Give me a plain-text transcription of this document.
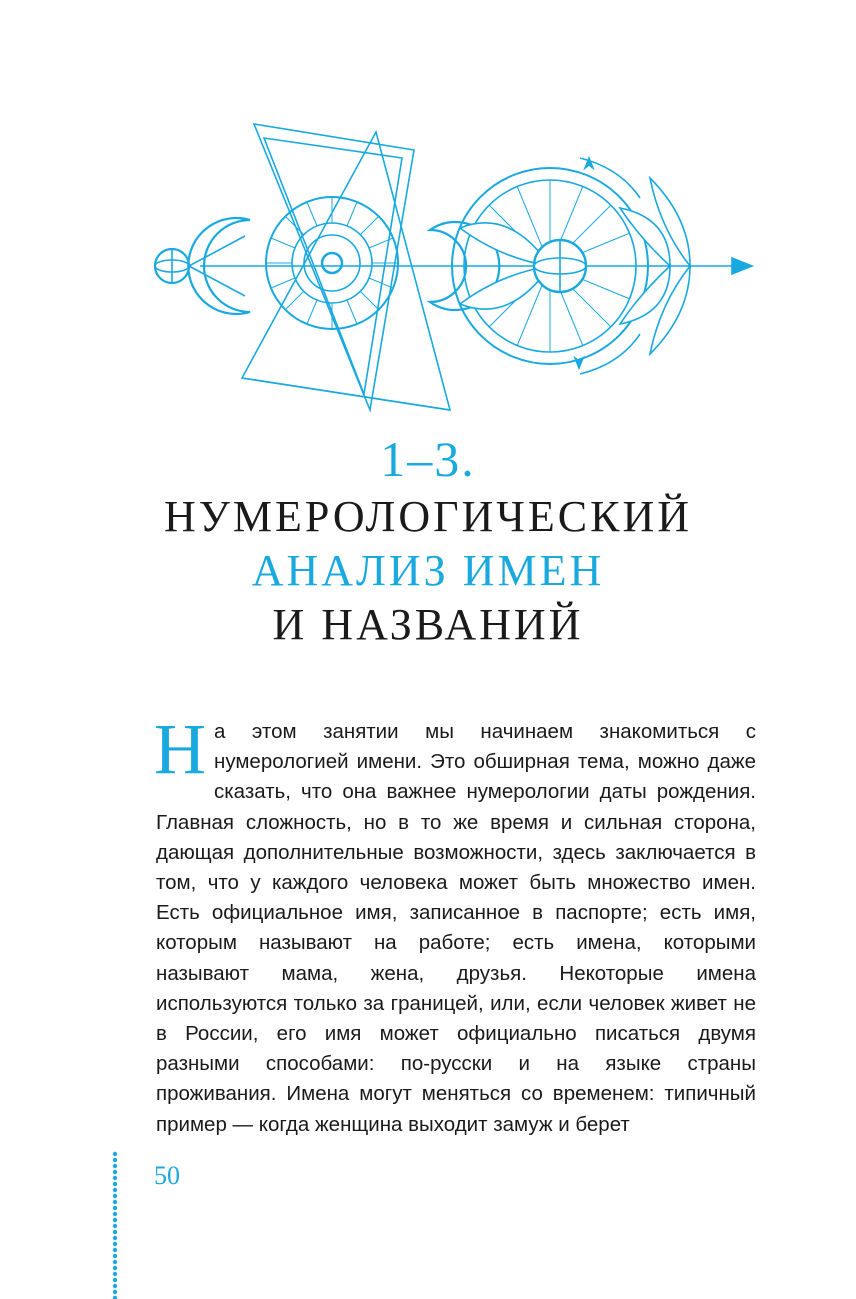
1–3.
НУМЕРОЛОГИЧЕСКИЙ
АНАЛИЗ ИМЕН
И НАЗВАНИЙ

На этом занятии мы начинаем знакомиться с нумерологией имени. Это обширная тема, можно даже сказать, что она важнее нумерологии даты рождения. Главная сложность, но в то же время и сильная сторона, дающая дополнительные возможности, здесь заключается в том, что у каждого человека может быть множество имен. Есть официальное имя, записанное в паспорте; есть имя, которым называют на работе; есть имена, которыми называют мама, жена, друзья. Некоторые имена используются только за границей, или, если человек живет не в России, его имя может официально писаться двумя разными способами: по-русски и на языке страны проживания. Имена могут меняться со временем: типичный пример — когда женщина выходит замуж и берет

50
